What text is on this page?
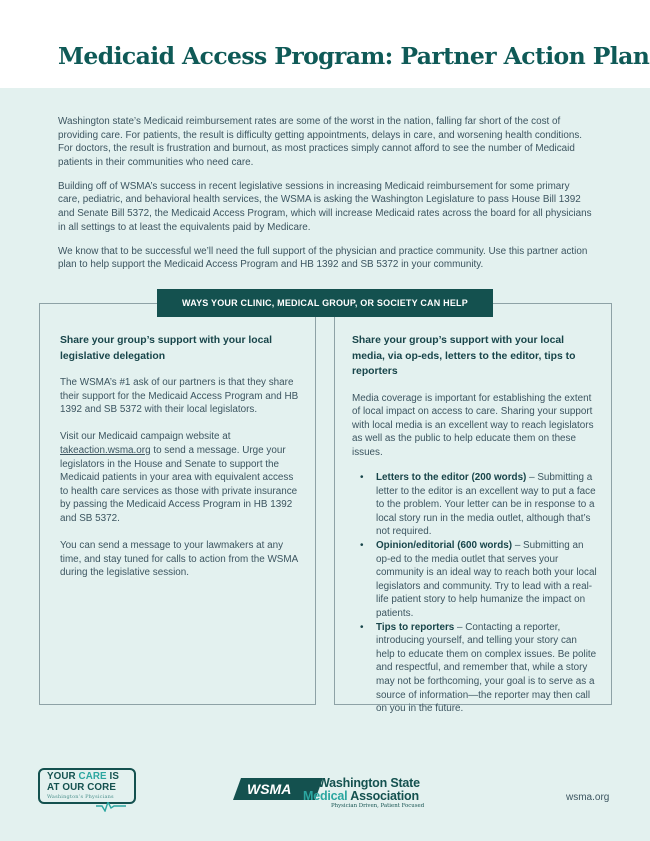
Medicaid Access Program: Partner Action Plan

Washington state’s Medicaid reimbursement rates are some of the worst in the nation, falling far short of the cost of providing care. For patients, the result is difficulty getting appointments, delays in care, and worsening health conditions. For doctors, the result is frustration and burnout, as most practices simply cannot afford to see the number of Medicaid patients in their communities who need care.

Building off of WSMA’s success in recent legislative sessions in increasing Medicaid reimbursement for some primary care, pediatric, and behavioral health services, the WSMA is asking the Washington Legislature to pass House Bill 1392 and Senate Bill 5372, the Medicaid Access Program, which will increase Medicaid rates across the board for all physicians in all settings to at least the equivalents paid by Medicare.

We know that to be successful we’ll need the full support of the physician and practice community. Use this partner action plan to help support the Medicaid Access Program and HB 1392 and SB 5372 in your community.

WAYS YOUR CLINIC, MEDICAL GROUP, OR SOCIETY CAN HELP
Share your group’s support with your local legislative delegation

The WSMA’s #1 ask of our partners is that they share their support for the Medicaid Access Program and HB 1392 and SB 5372 with their local legislators.

Visit our Medicaid campaign website at takeaction.wsma.org to send a message. Urge your legislators in the House and Senate to support the Medicaid patients in your area with equivalent access to health care services as those with private insurance by passing the Medicaid Access Program in HB 1392 and SB 5372.

You can send a message to your lawmakers at any time, and stay tuned for calls to action from the WSMA during the legislative session.

Share your group’s support with your local media, via op-eds, letters to the editor, tips to reporters

Media coverage is important for establishing the extent of local impact on access to care. Sharing your support with local media is an excellent way to reach legislators as well as the public to help educate them on these issues.

• Letters to the editor (200 words) – Submitting a letter to the editor is an excellent way to put a face to the problem. Your letter can be in response to a local story run in the media outlet, although that’s not required.
• Opinion/editorial (600 words) – Submitting an op-ed to the media outlet that serves your community is an ideal way to reach both your local legislators and community. Try to lead with a real-life patient story to help humanize the impact on patients.
• Tips to reporters – Contacting a reporter, introducing yourself, and telling your story can help to educate them on complex issues. Be polite and respectful, and remember that, while a story may not be forthcoming, your goal is to serve as a source of information—the reporter may then call on you in the future.
YOUR CARE IS
AT OUR CORE
Washington’s Physicians	WSMA Washington State
Medical Association
Physician Driven, Patient Focused
wsma.org
